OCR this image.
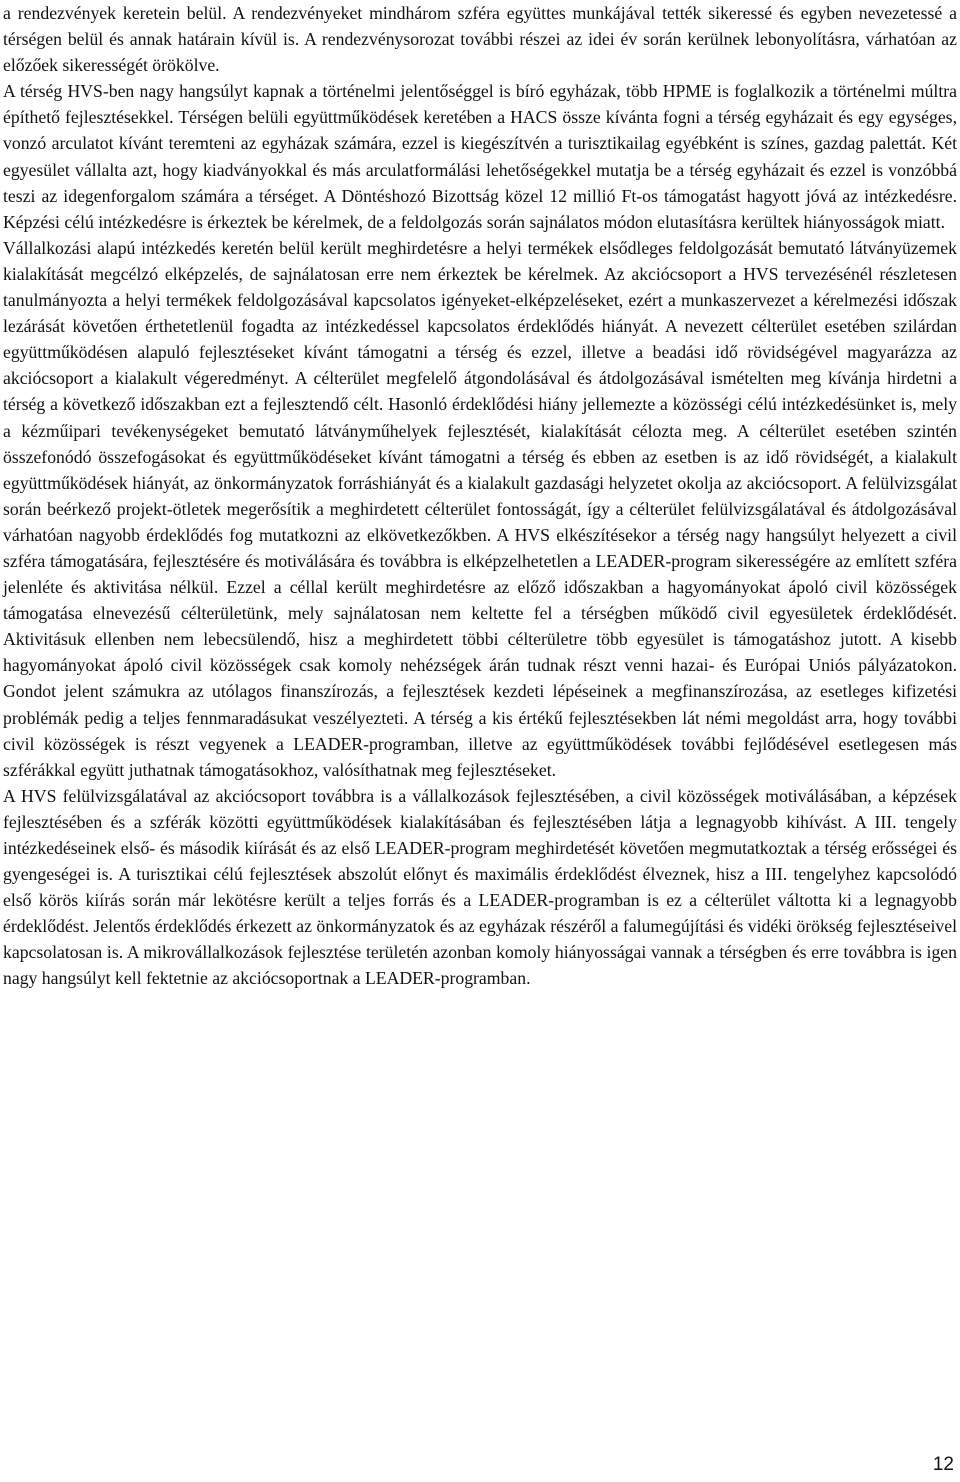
a rendezvények keretein belül. A rendezvényeket mindhárom szféra együttes munkájával tették sikeressé és egyben nevezetessé a térségen belül és annak határain kívül is. A rendezvénysorozat további részei az idei év során kerülnek lebonyolításra, várhatóan az előzőek sikerességét örökölve.

A térség HVS-ben nagy hangsúlyt kapnak a történelmi jelentőséggel is bíró egyházak, több HPME is foglalkozik a történelmi múltra építhető fejlesztésekkel. Térségen belüli együttműködések keretében a HACS össze kívánta fogni a térség egyházait és egy egységes, vonzó arculatot kívánt teremteni az egyházak számára, ezzel is kiegészítvén a turisztikailag egyébként is színes, gazdag palettát. Két egyesület vállalta azt, hogy kiadványokkal és más arculatformálási lehetőségekkel mutatja be a térség egyházait és ezzel is vonzóbbá teszi az idegenforgalom számára a térséget. A Döntéshozó Bizottság közel 12 millió Ft-os támogatást hagyott jóvá az intézkedésre. Képzési célú intézkedésre is érkeztek be kérelmek, de a feldolgozás során sajnálatos módon elutasításra kerültek hiányosságok miatt.

Vállalkozási alapú intézkedés keretén belül került meghirdetésre a helyi termékek elsődleges feldolgozását bemutató látványüzemek kialakítását megcélzó elképzelés, de sajnálatosan erre nem érkeztek be kérelmek. Az akciócsoport a HVS tervezésénél részletesen tanulmányozta a helyi termékek feldolgozásával kapcsolatos igényeket-elképzeléseket, ezért a munkaszervezet a kérelmezési időszak lezárását követően érthetetlenül fogadta az intézkedéssel kapcsolatos érdeklődés hiányát. A nevezett célterület esetében szilárdan együttműködésen alapuló fejlesztéseket kívánt támogatni a térség és ezzel, illetve a beadási idő rövidségével magyarázza az akciócsoport a kialakult végeredményt. A célterület megfelelő átgondolásával és átdolgozásával ismételten meg kívánja hirdetni a térség a következő időszakban ezt a fejlesztendő célt. Hasonló érdeklődési hiány jellemezte a közösségi célú intézkedésünket is, mely a kézműipari tevékenységeket bemutató látványműhelyek fejlesztését, kialakítását célozta meg. A célterület esetében szintén összefonódó összefogásokat és együttműködéseket kívánt támogatni a térség és ebben az esetben is az idő rövidségét, a kialakult együttműködések hiányát, az önkormányzatok forráshiányát és a kialakult gazdasági helyzetet okolja az akciócsoport. A felülvizsgálat során beérkező projekt-ötletek megerősítik a meghirdetett célterület fontosságát, így a célterület felülvizsgálatával és átdolgozásával várhatóan nagyobb érdeklődés fog mutatkozni az elkövetkezőkben. A HVS elkészítésekor a térség nagy hangsúlyt helyezett a civil szféra támogatására, fejlesztésére és motiválására és továbbra is elképzelhetetlen a LEADER-program sikerességére az említett szféra jelenléte és aktivitása nélkül. Ezzel a céllal került meghirdetésre az előző időszakban a hagyományokat ápoló civil közösségek támogatása elnevezésű célterületünk, mely sajnálatosan nem keltette fel a térségben működő civil egyesületek érdeklődését. Aktivitásuk ellenben nem lebecsülendő, hisz a meghirdetett többi célterületre több egyesület is támogatáshoz jutott. A kisebb hagyományokat ápoló civil közösségek csak komoly nehézségek árán tudnak részt venni hazai- és Európai Uniós pályázatokon. Gondot jelent számukra az utólagos finanszírozás, a fejlesztések kezdeti lépéseinek a megfinanszírozása, az esetleges kifizetési problémák pedig a teljes fennmaradásukat veszélyezteti. A térség a kis értékű fejlesztésekben lát némi megoldást arra, hogy további civil közösségek is részt vegyenek a LEADER-programban, illetve az együttműködések további fejlődésével esetlegesen más szférákkal együtt juthatnak támogatásokhoz, valósíthatnak meg fejlesztéseket.

A HVS felülvizsgálatával az akciócsoport továbbra is a vállalkozások fejlesztésében, a civil közösségek motiválásában, a képzések fejlesztésében és a szférák közötti együttműködések kialakításában és fejlesztésében látja a legnagyobb kihívást. A III. tengely intézkedéseinek első- és második kiírását és az első LEADER-program meghirdetését követően megmutatkoztak a térség erősségei és gyengeségei is. A turisztikai célú fejlesztések abszolút előnyt és maximális érdeklődést élveznek, hisz a III. tengelyhez kapcsolódó első körös kiírás során már lekötésre került a teljes forrás és a LEADER-programban is ez a célterület váltotta ki a legnagyobb érdeklődést. Jelentős érdeklődés érkezett az önkormányzatok és az egyházak részéről a falumegújítási és vidéki örökség fejlesztéseivel kapcsolatosan is. A mikrovállalkozások fejlesztése területén azonban komoly hiányosságai vannak a térségben és erre továbbra is igen nagy hangsúlyt kell fektetnie az akciócsoportnak a LEADER-programban.

12
